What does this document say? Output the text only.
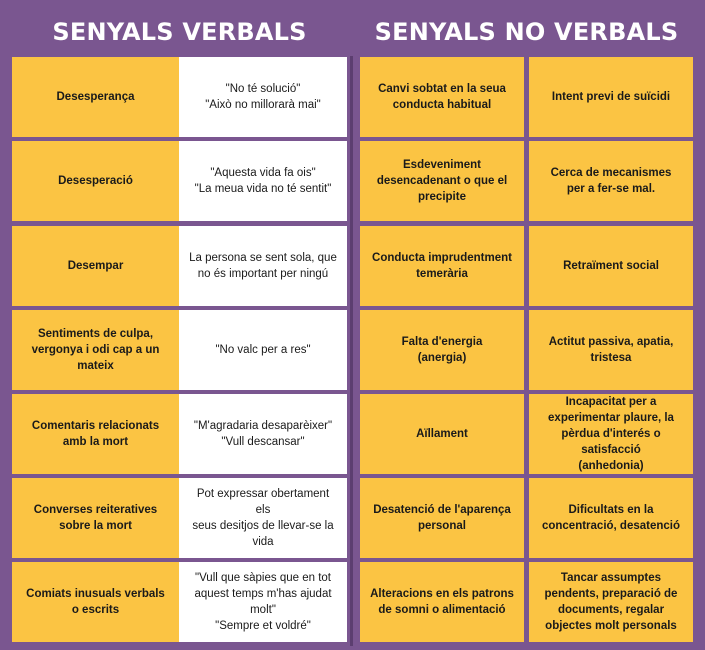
SENYALS VERBALS	SENYALS NO VERBALS
Desesperança
"No té solució"
"Això no millorarà mai"
Desesperació
"Aquesta vida fa ois"
"La meua vida no té sentit"
Desempar
La persona se sent sola, que
no és important per ningú
Sentiments de culpa,
vergonya i odi cap a un
mateix
"No valc per a res"
Comentaris relacionats
amb la mort
"M'agradaria desaparèixer"
"Vull descansar"
Converses reiteratives
sobre la mort
Pot expressar obertament els
seus desitjos de llevar-se la vida
Comiats inusuals verbals
o escrits
"Vull que sàpies que en tot
aquest temps m'has ajudat molt"
"Sempre et voldré"
Canvi sobtat en la seua
conducta habitual
Intent previ de suïcidi
Esdeveniment
desencadenant o que el
precipite
Cerca de mecanismes
per a fer-se mal.
Conducta imprudentment
temerària
Retraïment social
Falta d'energia
(anergia)
Actitut passiva, apatia,
tristesa
Aïllament
Incapacitat per a
experimentar plaure, la
pèrdua d'interés o
satisfacció
(anhedonia)
Desatenció de l'aparença
personal
Dificultats en la
concentració, desatenció
Alteracions en els patrons
de somni o alimentació
Tancar assumptes
pendents, preparació de
documents, regalar
objectes molt personals
